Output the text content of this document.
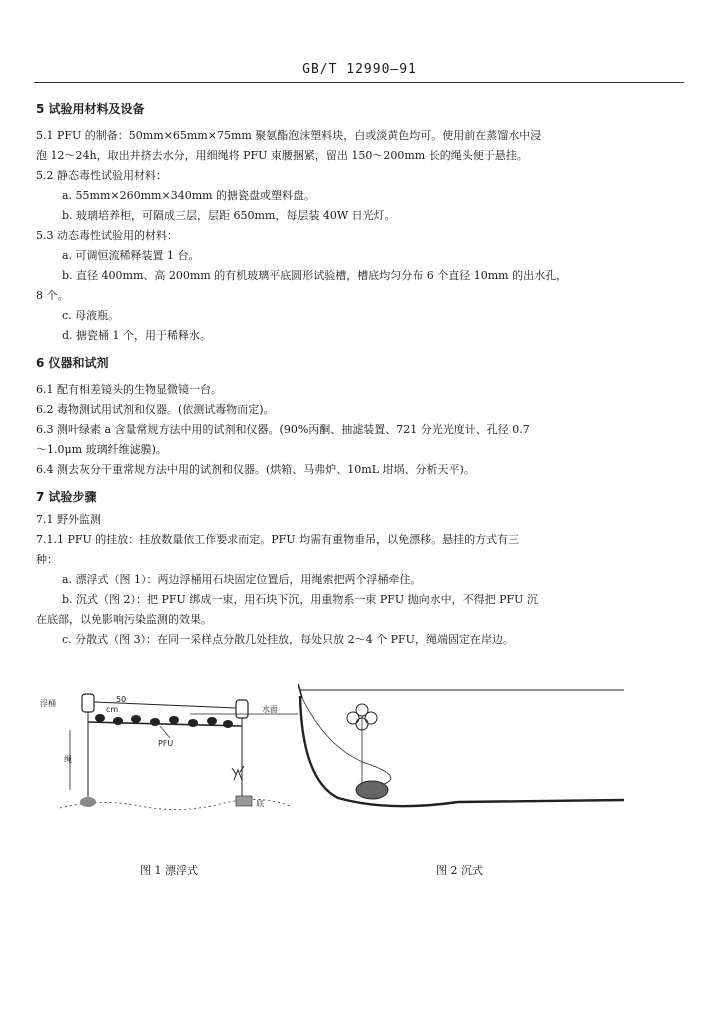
GB/T 12990—91

5 试验用材料及设备

5.1 PFU 的制备：50mm×65mm×75mm 聚氨酯泡沫塑料块，白或淡黄色均可。使用前在蒸馏水中浸

泡 12～24h，取出并挤去水分，用细绳将 PFU 束腰捆紧，留出 150～200mm 长的绳头便于悬挂。

5.2 静态毒性试验用材料：

a. 55mm×260mm×340mm 的搪瓷盘或塑料盘。

b. 玻璃培养柜，可隔成三层，层距 650mm，每层装 40W 日光灯。

5.3 动态毒性试验用的材料：

a. 可调恒流稀释装置 1 台。

b. 直径 400mm、高 200mm 的有机玻璃平底圆形试验槽，槽底均匀分布 6 个直径 10mm 的出水孔，

8 个。

c. 母液瓶。

d. 搪瓷桶 1 个，用于稀释水。

6 仪器和试剂

6.1 配有相差镜头的生物显微镜一台。

6.2 毒物测试用试剂和仪器。(依测试毒物而定)。

6.3 测叶绿素 a 含量常规方法中用的试剂和仪器。(90%丙酮、抽滤装置、721 分光光度计、孔径 0.7

～1.0μm 玻璃纤维滤膜)。

6.4 测去灰分干重常规方法中用的试剂和仪器。(烘箱、马弗炉、10mL 坩埚、分析天平)。

7 试验步骤

7.1 野外监测

7.1.1 PFU 的挂放：挂放数量依工作要求而定。PFU 均需有重物垂吊，以免漂移。悬挂的方式有三

种：

a. 漂浮式（图 1）：两边浮桶用石块固定位置后，用绳索把两个浮桶牵住。

b. 沉式（图 2）：把 PFU 绑成一束，用石块下沉，用重物系一束 PFU 抛向水中，不得把 PFU 沉

在底部，以免影响污染监测的效果。

c. 分散式（图 3）：在同一采样点分散几处挂放，每处只放 2～4 个 PFU，绳端固定在岸边。

浮桶
水面
50
cm
PFU
绳
底
图 1 漂浮式	图 2 沉式
